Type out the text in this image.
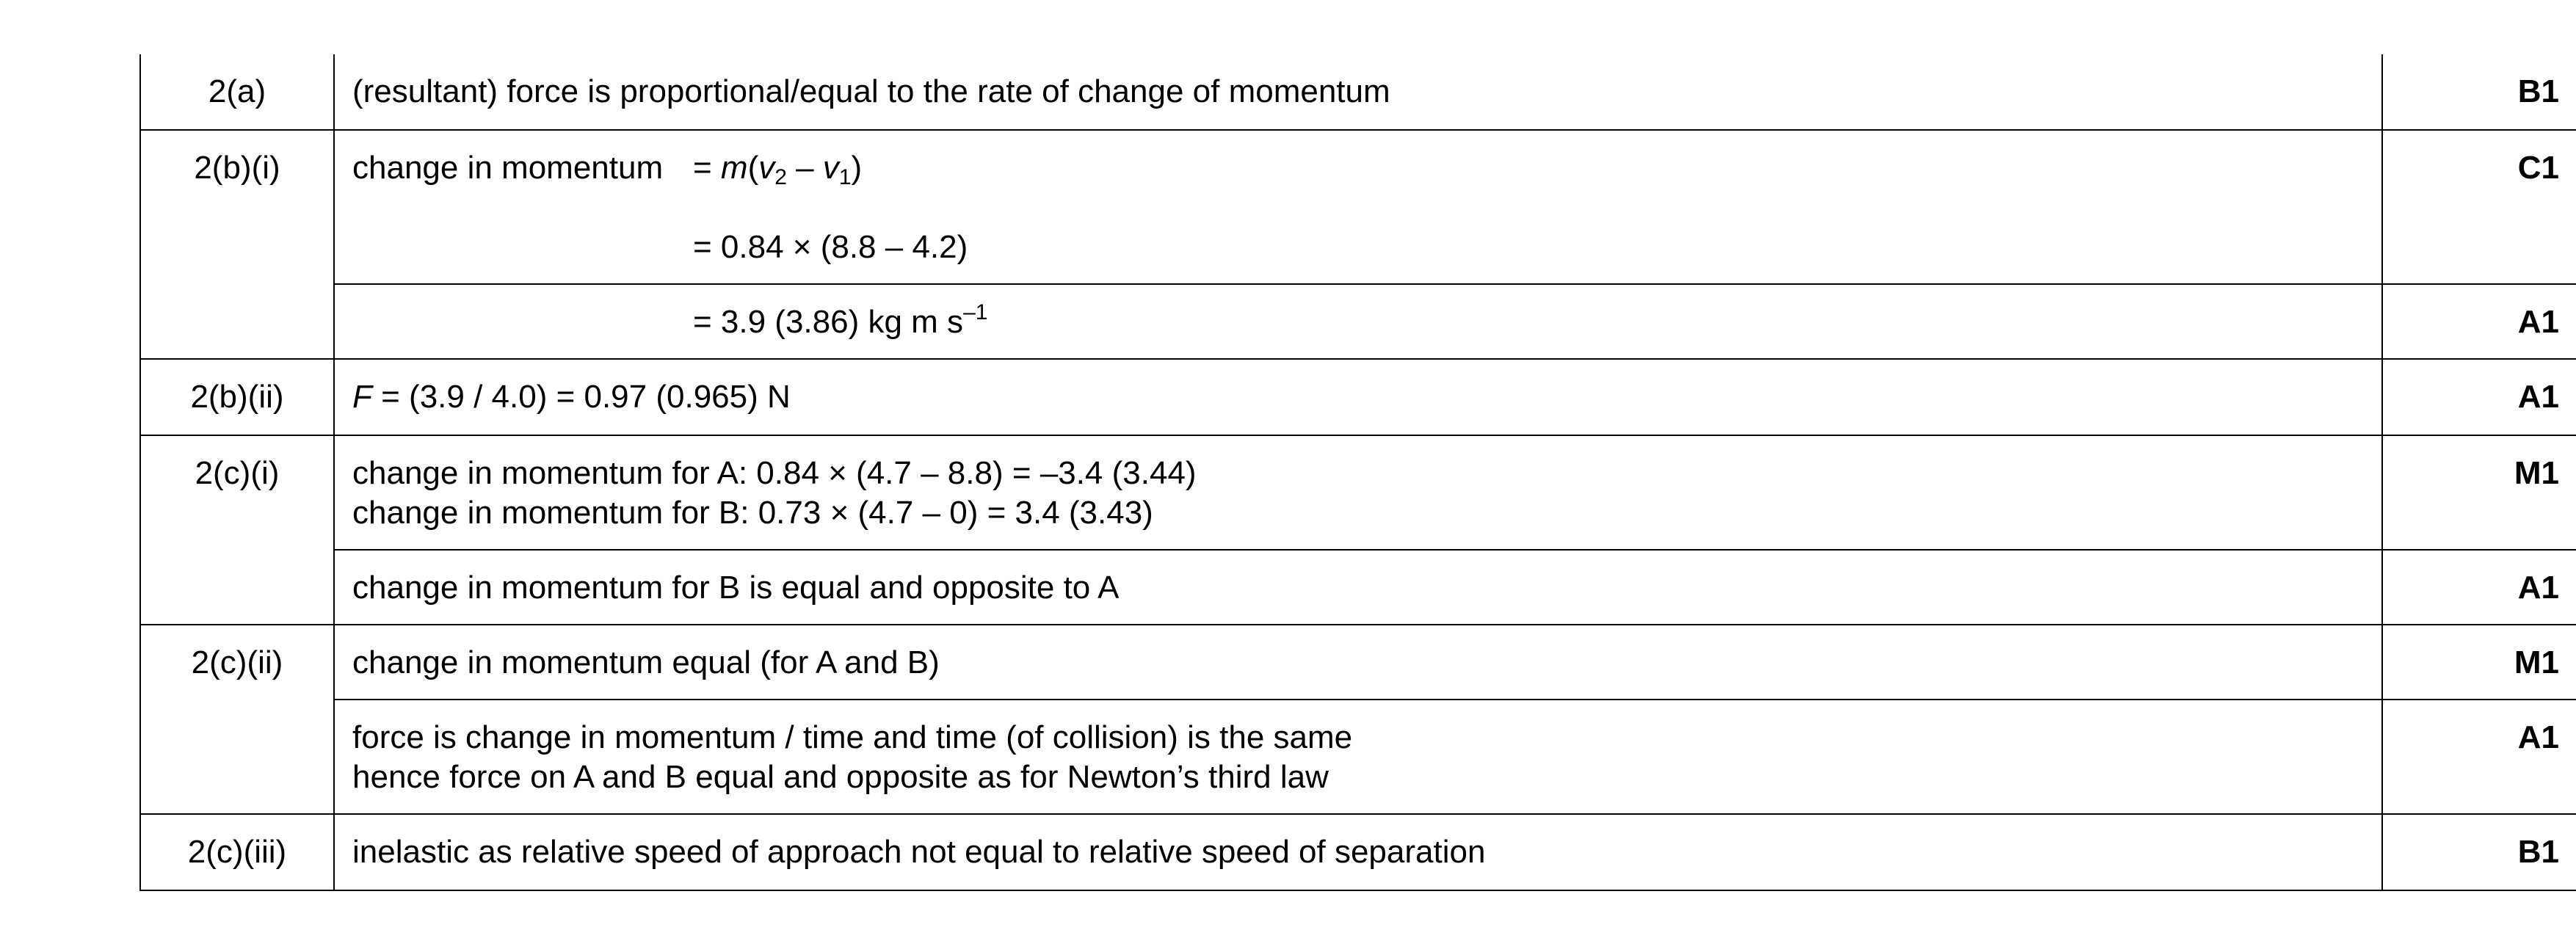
2(a)	(resultant) force is proportional/equal to the rate of change of momentum	B1
2(b)(i)	change in momentum = $m(v_2 - v_1)$
= 0.84 × (8.8 – 4.2)	C1

	= 3.9 (3.86) kg m $s^{-1}$	A1
2(b)(ii)	F = (3.9 / 4.0) = 0.97 (0.965) N	A1
2(c)(i)	change in momentum for A: 0.84 × (4.7 – 8.8) = –3.4 (3.44)
change in momentum for B: 0.73 × (4.7 – 0) = 3.4 (3.43)	M1

	change in momentum for B is equal and opposite to A	A1
2(c)(ii)	change in momentum equal (for A and B)	M1

	force is change in momentum / time and time (of collision) is the same
hence force on A and B equal and opposite as for Newton’s third law	A1
2(c)(iii)	inelastic as relative speed of approach not equal to relative speed of separation	B1
